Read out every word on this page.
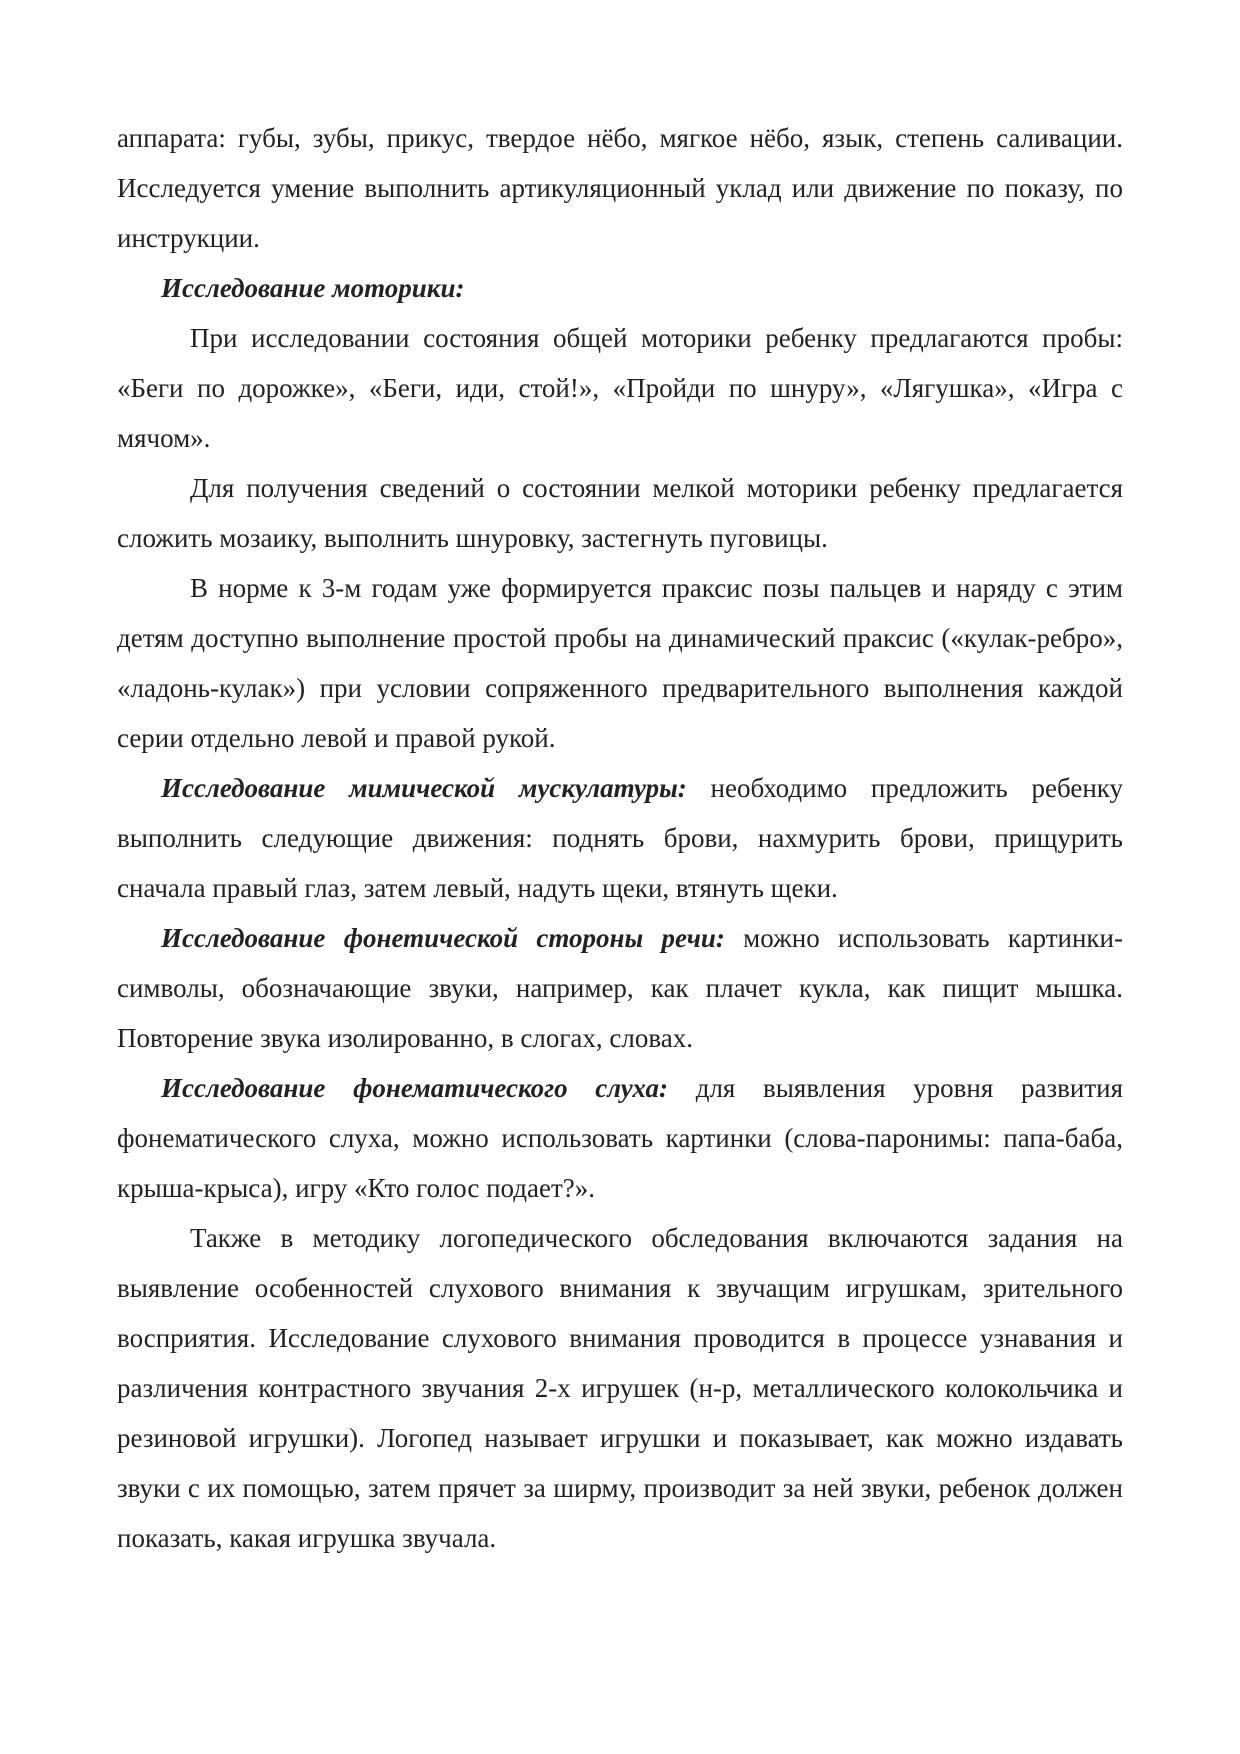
аппарата: губы, зубы, прикус, твердое нёбо, мягкое нёбо, язык, степень саливации. Исследуется умение выполнить артикуляционный уклад или движение по показу, по инструкции.

Исследование моторики:

При исследовании состояния общей моторики ребенку предлагаются пробы: «Беги по дорожке», «Беги, иди, стой!», «Пройди по шнуру», «Лягушка», «Игра с мячом».

Для получения сведений о состоянии мелкой моторики ребенку предлагается сложить мозаику, выполнить шнуровку, застегнуть пуговицы.

В норме к 3-м годам уже формируется праксис позы пальцев и наряду с этим детям доступно выполнение простой пробы на динамический праксис («кулак-ребро», «ладонь-кулак») при условии сопряженного предварительного выполнения каждой серии отдельно левой и правой рукой.

Исследование мимической мускулатуры: необходимо предложить ребенку выполнить следующие движения: поднять брови, нахмурить брови, прищурить сначала правый глаз, затем левый, надуть щеки, втянуть щеки.

Исследование фонетической стороны речи: можно использовать картинки-символы, обозначающие звуки, например, как плачет кукла, как пищит мышка. Повторение звука изолированно, в слогах, словах.

Исследование фонематического слуха: для выявления уровня развития фонематического слуха, можно использовать картинки (слова-паронимы: папа-баба, крыша-крыса), игру «Кто голос подает?».

Также в методику логопедического обследования включаются задания на выявление особенностей слухового внимания к звучащим игрушкам, зрительного восприятия. Исследование слухового внимания проводится в процессе узнавания и различения контрастного звучания 2-х игрушек (н-р, металлического колокольчика и резиновой игрушки). Логопед называет игрушки и показывает, как можно издавать звуки с их помощью, затем прячет за ширму, производит за ней звуки, ребенок должен показать, какая игрушка звучала.
